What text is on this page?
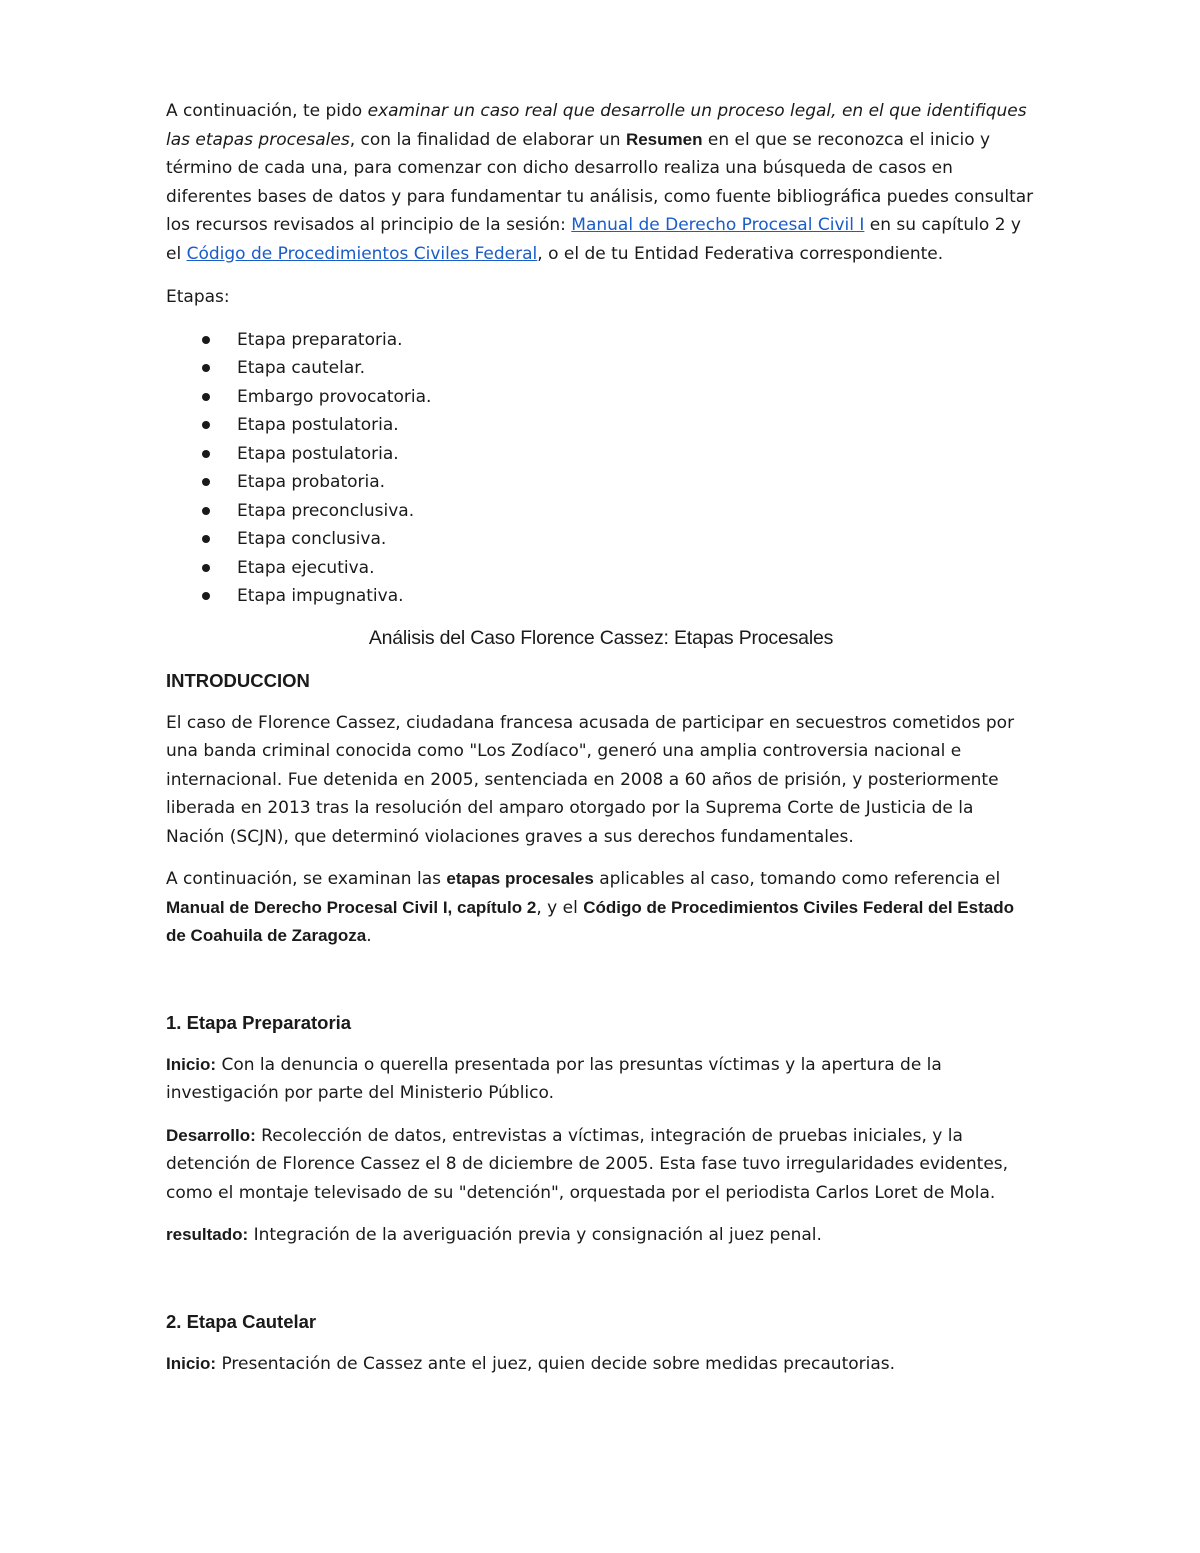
A continuación, te pido examinar un caso real que desarrolle un proceso legal, en el que identifiques las etapas procesales, con la finalidad de elaborar un Resumen en el que se reconozca el inicio y término de cada una, para comenzar con dicho desarrollo realiza una búsqueda de casos en diferentes bases de datos y para fundamentar tu análisis, como fuente bibliográfica puedes consultar los recursos revisados al principio de la sesión: Manual de Derecho Procesal Civil I en su capítulo 2 y el Código de Procedimientos Civiles Federal, o el de tu Entidad Federativa correspondiente.

Etapas:

Etapa preparatoria.
Etapa cautelar.
Embargo provocatoria.
Etapa postulatoria.
Etapa postulatoria.
Etapa probatoria.
Etapa preconclusiva.
Etapa conclusiva.
Etapa ejecutiva.
Etapa impugnativa.

Análisis del Caso Florence Cassez: Etapas Procesales

INTRODUCCION

El caso de Florence Cassez, ciudadana francesa acusada de participar en secuestros cometidos por una banda criminal conocida como "Los Zodíaco", generó una amplia controversia nacional e internacional. Fue detenida en 2005, sentenciada en 2008 a 60 años de prisión, y posteriormente liberada en 2013 tras la resolución del amparo otorgado por la Suprema Corte de Justicia de la Nación (SCJN), que determinó violaciones graves a sus derechos fundamentales.

A continuación, se examinan las etapas procesales aplicables al caso, tomando como referencia el Manual de Derecho Procesal Civil I, capítulo 2, y el Código de Procedimientos Civiles Federal del Estado de Coahuila de Zaragoza.

1. Etapa Preparatoria

Inicio: Con la denuncia o querella presentada por las presuntas víctimas y la apertura de la investigación por parte del Ministerio Público.

Desarrollo: Recolección de datos, entrevistas a víctimas, integración de pruebas iniciales, y la detención de Florence Cassez el 8 de diciembre de 2005. Esta fase tuvo irregularidades evidentes, como el montaje televisado de su "detención", orquestada por el periodista Carlos Loret de Mola.

resultado: Integración de la averiguación previa y consignación al juez penal.

2. Etapa Cautelar

Inicio: Presentación de Cassez ante el juez, quien decide sobre medidas precautorias.
